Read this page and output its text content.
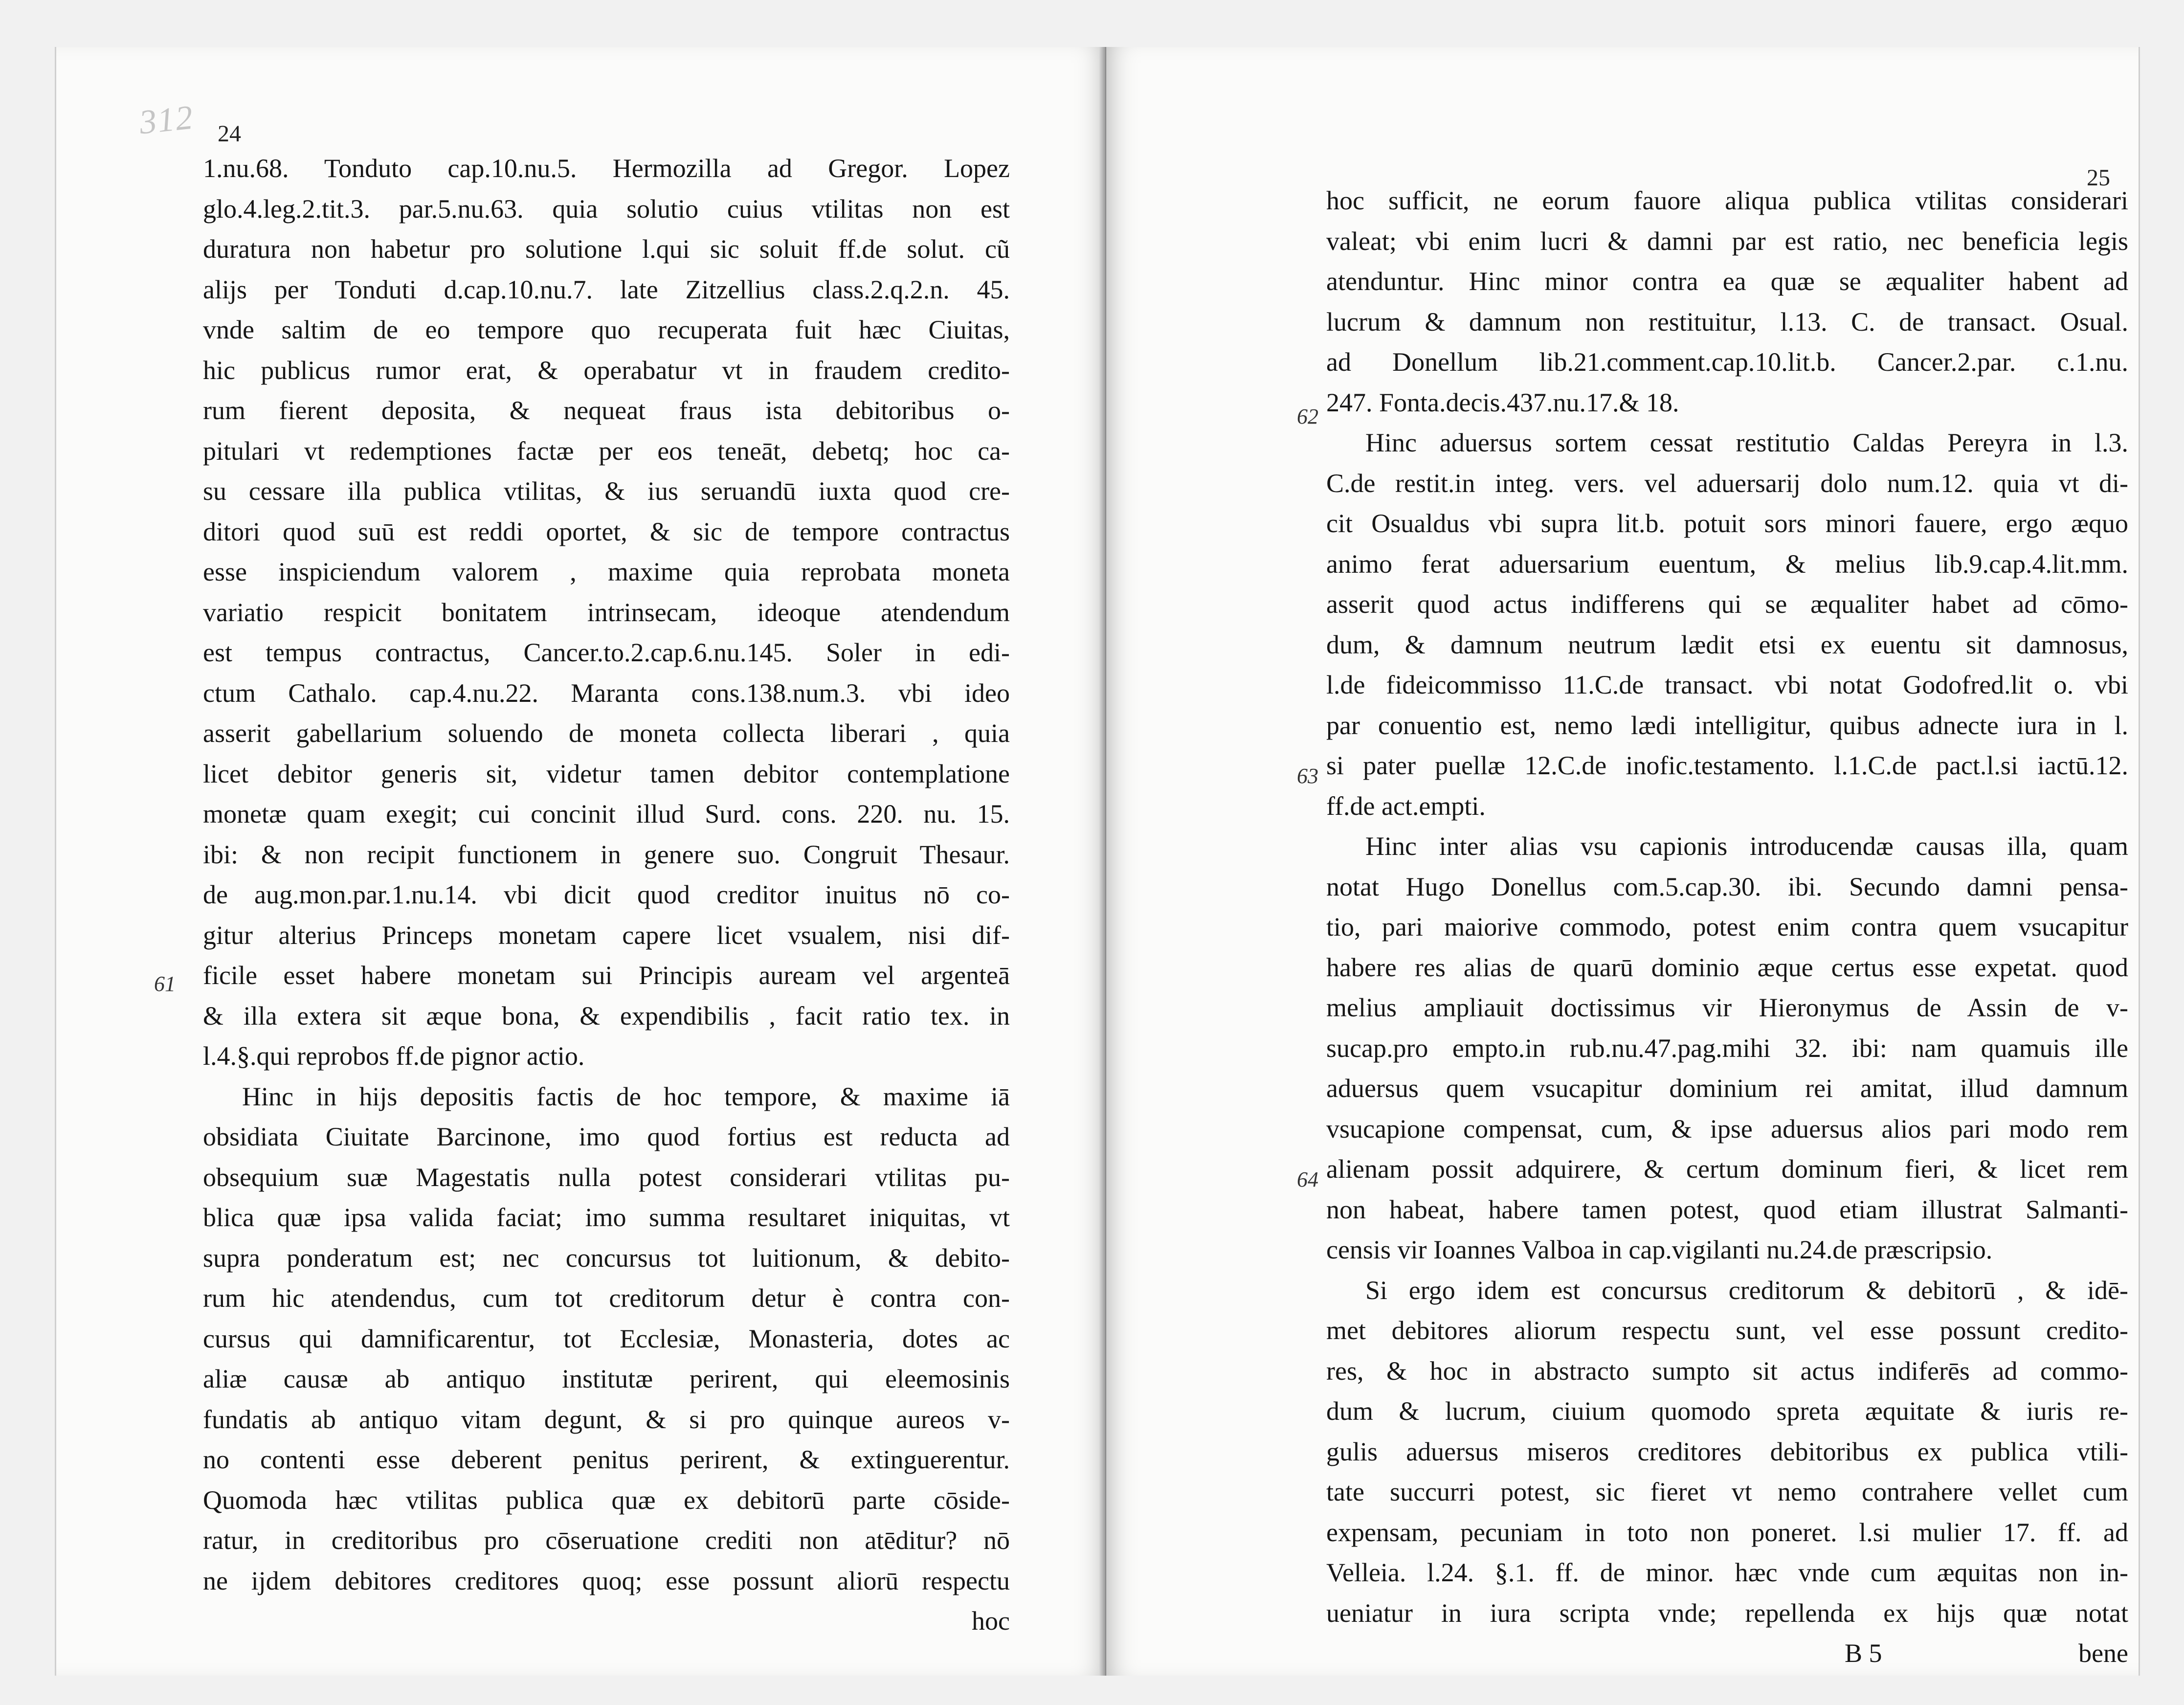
312 24
61
1.nu.68. Tonduto cap.10.nu.5. Hermozilla ad Gregor. Lopez
glo.4.leg.2.tit.3. par.5.nu.63. quia solutio cuius vtilitas non est
duratura non habetur pro solutione l.qui sic soluit ff.de solut. cũ
alijs per Tonduti d.cap.10.nu.7. late Zitzellius class.2.q.2.n. 45.
vnde saltim de eo tempore quo recuperata fuit hæc Ciuitas,
hic publicus rumor erat, & operabatur vt in fraudem credito-
rum fierent deposita, & nequeat fraus ista debitoribus o-
pitulari vt redemptiones factæ per eos teneāt, debetq; hoc ca-
su cessare illa publica vtilitas, & ius seruandū iuxta quod cre-
ditori quod suū est reddi oportet, & sic de tempore contractus
esse inspiciendum valorem , maxime quia reprobata moneta
variatio respicit bonitatem intrinsecam, ideoque atendendum
est tempus contractus, Cancer.to.2.cap.6.nu.145. Soler in edi-
ctum Cathalo. cap.4.nu.22. Maranta cons.138.num.3. vbi ideo
asserit gabellarium soluendo de moneta collecta liberari , quia
licet debitor generis sit, videtur tamen debitor contemplatione
monetæ quam exegit; cui concinit illud Surd. cons. 220. nu. 15.
ibi: & non recipit functionem in genere suo. Congruit Thesaur.
de aug.mon.par.1.nu.14. vbi dicit quod creditor inuitus nō co-
gitur alterius Princeps monetam capere licet vsualem, nisi dif-
ficile esset habere monetam sui Principis auream vel argenteā
& illa extera sit æque bona, & expendibilis , facit ratio tex. in
l.4.§.qui reprobos ff.de pignor actio.
Hinc in hijs depositis factis de hoc tempore, & maxime iā
obsidiata Ciuitate Barcinone, imo quod fortius est reducta ad
obsequium suæ Magestatis nulla potest considerari vtilitas pu-
blica quæ ipsa valida faciat; imo summa resultaret iniquitas, vt
supra ponderatum est; nec concursus tot luitionum, & debito-
rum hic atendendus, cum tot creditorum detur è contra con-
cursus qui damnificarentur, tot Ecclesiæ, Monasteria, dotes ac
aliæ causæ ab antiquo institutæ perirent, qui eleemosinis
fundatis ab antiquo vitam degunt, & si pro quinque aureos v-
no contenti esse deberent penitus perirent, & extinguerentur.
Quomoda hæc vtilitas publica quæ ex debitorū parte cōside-
ratur, in creditoribus pro cōseruatione crediti non atēditur? nō
ne ijdem debitores creditores quoq; esse possunt aliorū respectu
hoc
25
62
63
64
hoc sufficit, ne eorum fauore aliqua publica vtilitas considerari
valeat; vbi enim lucri & damni par est ratio, nec beneficia legis
atenduntur. Hinc minor contra ea quæ se æqualiter habent ad
lucrum & damnum non restituitur, l.13. C. de transact. Osual.
ad Donellum lib.21.comment.cap.10.lit.b. Cancer.2.par. c.1.nu.
247. Fonta.decis.437.nu.17.& 18.
Hinc aduersus sortem cessat restitutio Caldas Pereyra in l.3.
C.de restit.in integ. vers. vel aduersarij dolo num.12. quia vt di-
cit Osualdus vbi supra lit.b. potuit sors minori fauere, ergo æquo
animo ferat aduersarium euentum, & melius lib.9.cap.4.lit.mm.
asserit quod actus indifferens qui se æqualiter habet ad cōmo-
dum, & damnum neutrum lædit etsi ex euentu sit damnosus,
l.de fideicommisso 11.C.de transact. vbi notat Godofred.lit o. vbi
par conuentio est, nemo lædi intelligitur, quibus adnecte iura in l.
si pater puellæ 12.C.de inofic.testamento. l.1.C.de pact.l.si iactū.12.
ff.de act.empti.
Hinc inter alias vsu capionis introducendæ causas illa, quam
notat Hugo Donellus com.5.cap.30. ibi. Secundo damni pensa-
tio, pari maiorive commodo, potest enim contra quem vsucapitur
habere res alias de quarū dominio æque certus esse expetat. quod
melius ampliauit doctissimus vir Hieronymus de Assin de v-
sucap.pro empto.in rub.nu.47.pag.mihi 32. ibi: nam quamuis ille
aduersus quem vsucapitur dominium rei amitat, illud damnum
vsucapione compensat, cum, & ipse aduersus alios pari modo rem
alienam possit adquirere, & certum dominum fieri, & licet rem
non habeat, habere tamen potest, quod etiam illustrat Salmanti-
censis vir Ioannes Valboa in cap.vigilanti nu.24.de præscripsio.
Si ergo idem est concursus creditorum & debitorū , & idē-
met debitores aliorum respectu sunt, vel esse possunt credito-
res, & hoc in abstracto sumpto sit actus indiferēs ad commo-
dum & lucrum, ciuium quomodo spreta æquitate & iuris re-
gulis aduersus miseros creditores debitoribus ex publica vtili-
tate succurri potest, sic fieret vt nemo contrahere vellet cum
expensam, pecuniam in toto non poneret. l.si mulier 17. ff. ad
Velleia. l.24. §.1. ff. de minor. hæc vnde cum æquitas non in-
ueniatur in iura scripta vnde; repellenda ex hijs quæ notat
B 5	bene
